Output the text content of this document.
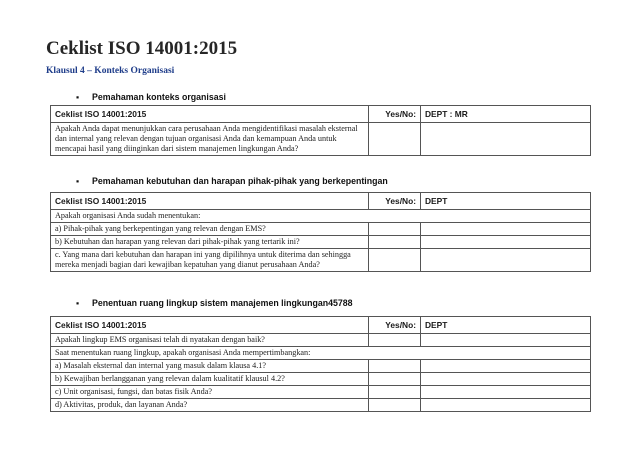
Ceklist ISO 14001:2015
Klausul 4 – Konteks Organisasi
▪ Pemahaman konteks organisasi
Ceklist ISO 14001:2015	Yes/No:	DEPT : MR
Apakah Anda dapat menunjukkan cara perusahaan Anda mengidentifikasi masalah eksternal dan internal yang relevan dengan tujuan organisasi Anda dan kemampuan Anda untuk mencapai hasil yang diinginkan dari sistem manajemen lingkungan Anda?		
▪ Pemahaman kebutuhan dan harapan pihak-pihak yang berkepentingan
Ceklist ISO 14001:2015	Yes/No:	DEPT
Apakah organisasi Anda sudah menentukan:		
a) Pihak-pihak yang berkepentingan yang relevan dengan EMS?		
b) Kebutuhan dan harapan yang relevan dari pihak-pihak yang tertarik ini?		
c. Yang mana dari kebutuhan dan harapan ini yang dipilihnya untuk diterima dan sehingga mereka menjadi bagian dari kewajiban kepatuhan yang dianut perusahaan Anda?		
▪ Penentuan ruang lingkup sistem manajemen lingkungan45788
Ceklist ISO 14001:2015	Yes/No:	DEPT
Apakah lingkup EMS organisasi telah di nyatakan dengan baik?		
Saat menentukan ruang lingkup, apakah organisasi Anda mempertimbangkan:		
a) Masalah eksternal dan internal yang masuk dalam klausa 4.1?		
b) Kewajiban berlangganan yang relevan dalam kualitatif klausul 4.2?		
c) Unit organisasi, fungsi, dan batas fisik Anda?		
d) Aktivitas, produk, dan layanan Anda?		
